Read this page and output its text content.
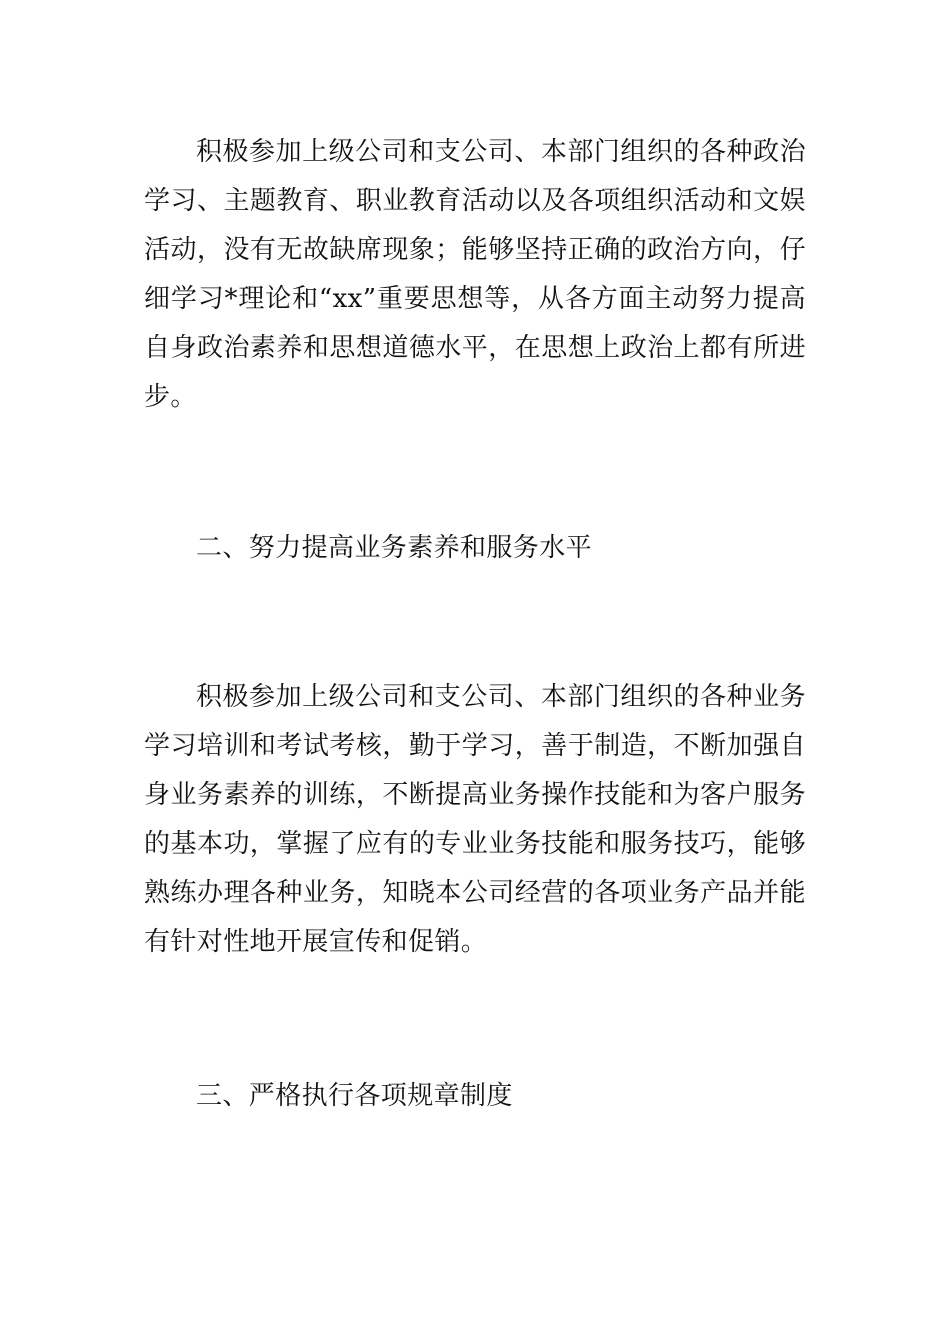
积极参加上级公司和支公司、本部门组织的各种政治
学习、主题教育、职业教育活动以及各项组织活动和文娱
活动，没有无故缺席现象；能够坚持正确的政治方向，仔
细学习*理论和“xx”重要思想等，从各方面主动努力提高
自身政治素养和思想道德水平，在思想上政治上都有所进
步。
二、努力提高业务素养和服务水平
积极参加上级公司和支公司、本部门组织的各种业务
学习培训和考试考核，勤于学习，善于制造，不断加强自
身业务素养的训练，不断提高业务操作技能和为客户服务
的基本功，掌握了应有的专业业务技能和服务技巧，能够
熟练办理各种业务，知晓本公司经营的各项业务产品并能
有针对性地开展宣传和促销。
三、严格执行各项规章制度
